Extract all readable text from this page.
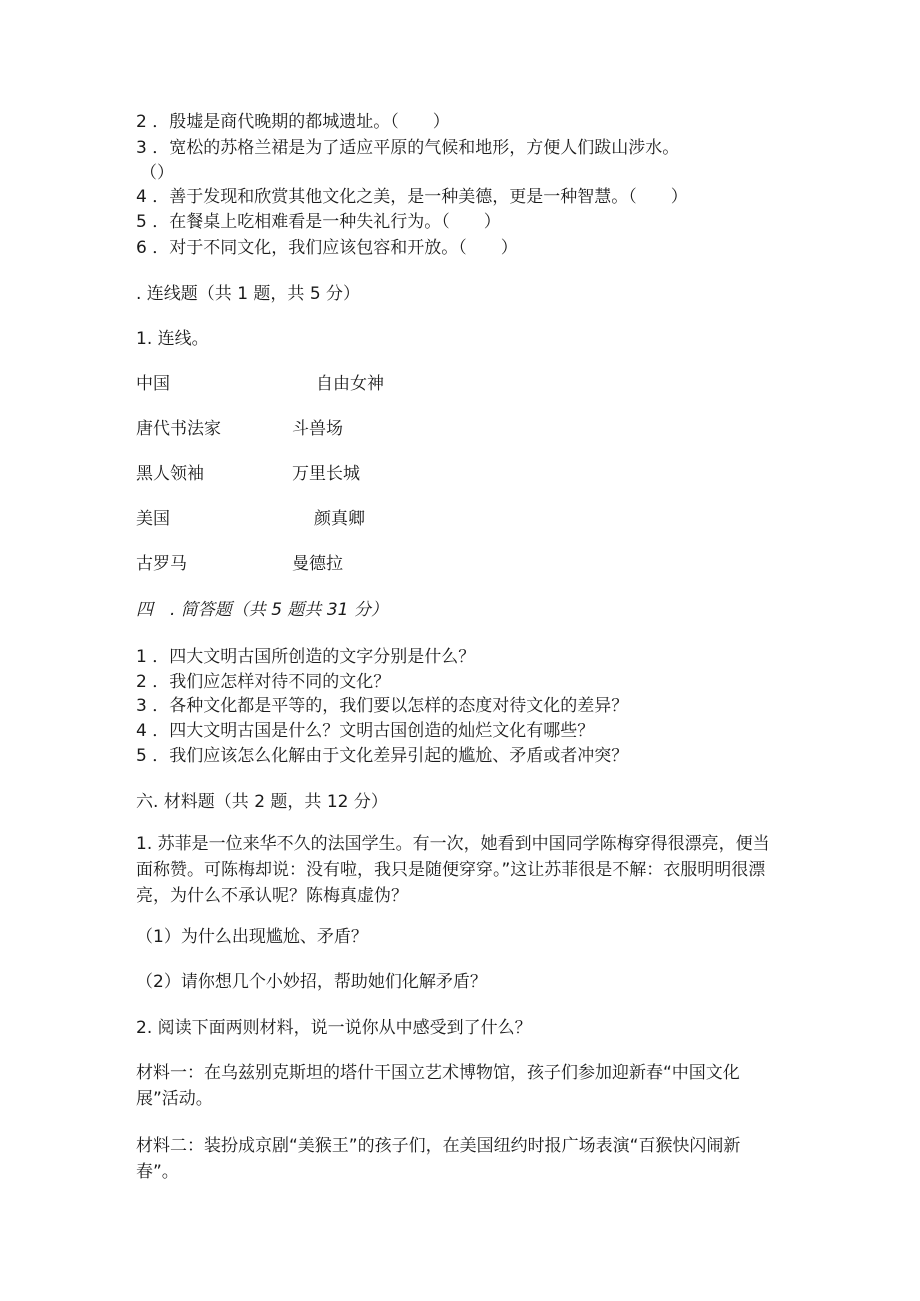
2 ．殷墟是商代晚期的都城遗址。（　　）
3 ．宽松的苏格兰裙是为了适应平原的气候和地形，方便人们跋山涉水。
（）
4 ．善于发现和欣赏其他文化之美，是一种美德，更是一种智慧。（　　）
5 ．在餐桌上吃相难看是一种失礼行为。（　　）
6 ．对于不同文化，我们应该包容和开放。（　　）
. 连线题（共 1 题，共 5 分）
1. 连线。
中国	自由女神
唐代书法家	斗兽场
黑人领袖	万里长城
美国	颜真卿
古罗马	曼德拉
四　. 简答题（共 5 题共 31 分）
1 ．四大文明古国所创造的文字分别是什么？
2 ．我们应怎样对待不同的文化？
3 ．各种文化都是平等的，我们要以怎样的态度对待文化的差异？
4 ．四大文明古国是什么？文明古国创造的灿烂文化有哪些？
5 ．我们应该怎么化解由于文化差异引起的尴尬、矛盾或者冲突？
六. 材料题（共 2 题，共 12 分）
1. 苏菲是一位来华不久的法国学生。有一次，她看到中国同学陈梅穿得很漂亮，便当面称赞。可陈梅却说：没有啦，我只是随便穿穿。”这让苏菲很是不解：衣服明明很漂亮，为什么不承认呢？陈梅真虚伪？
（1）为什么出现尴尬、矛盾？
（2）请你想几个小妙招，帮助她们化解矛盾？
2. 阅读下面两则材料，说一说你从中感受到了什么？
材料一：在乌兹别克斯坦的塔什干国立艺术博物馆，孩子们参加迎新春“中国文化展”活动。
材料二：装扮成京剧“美猴王”的孩子们，在美国纽约时报广场表演“百猴快闪闹新春”。
